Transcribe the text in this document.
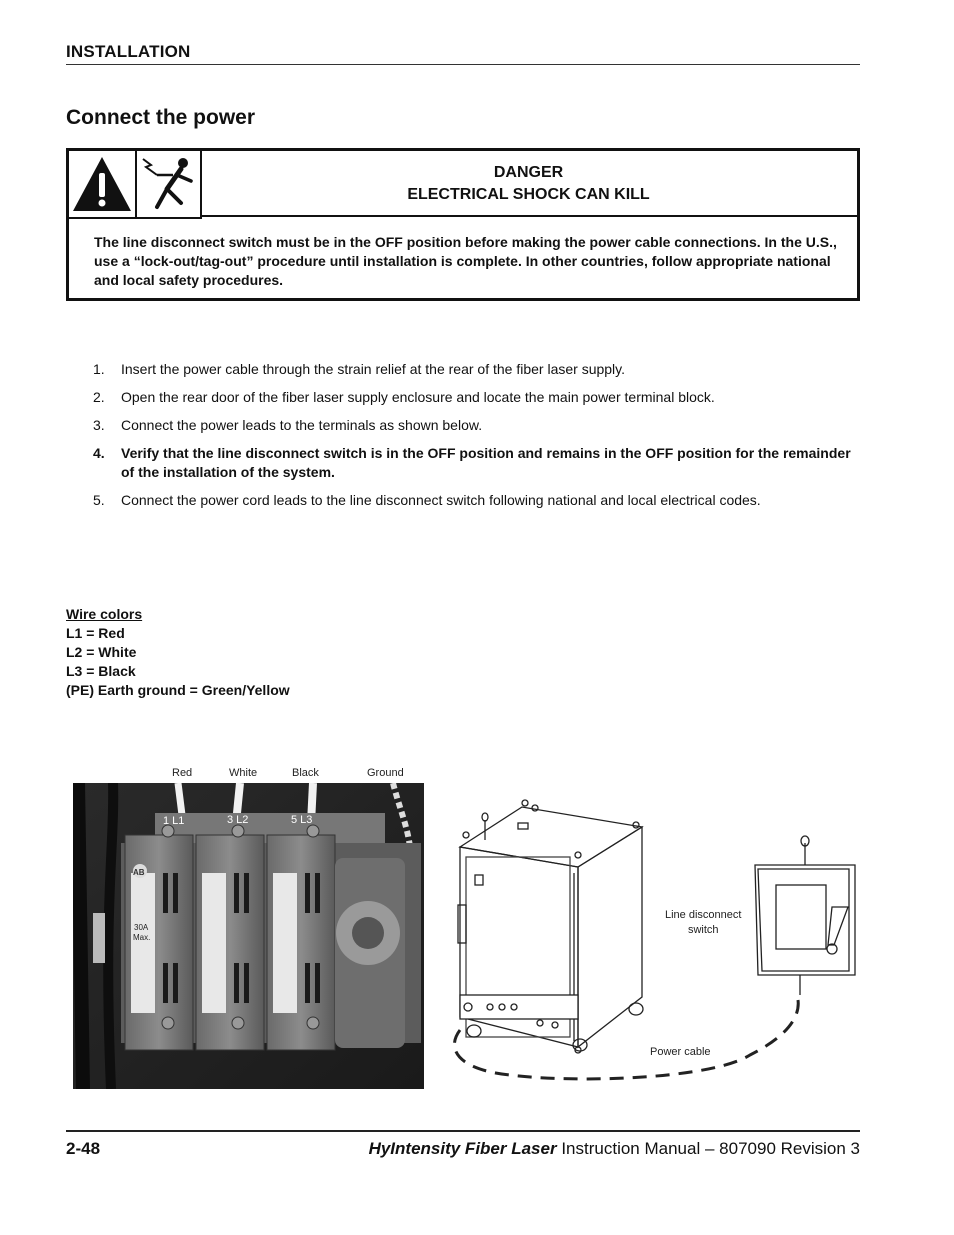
INSTALLATION
Connect the power
DANGER
ELECTRICAL SHOCK CAN KILL
The line disconnect switch must be in the OFF position before making the power cable connections. In the U.S., use a “lock-out/tag-out” procedure until installation is complete. In other countries, follow appropriate national and local safety procedures.
1. Insert the power cable through the strain relief at the rear of the fiber laser supply.
2. Open the rear door of the fiber laser supply enclosure and locate the main power terminal block.
3. Connect the power leads to the terminals as shown below.
4. Verify that the line disconnect switch is in the OFF position and remains in the OFF position for the remainder of the installation of the system.
5. Connect the power cord leads to the line disconnect switch following national and local electrical codes.
Wire colors
L1 = Red
L2 = White
L3 = Black
(PE) Earth ground = Green/Yellow
Red	White	Black	Ground
1 L1	3 L2	5 L3
AB
30A
Max.
Line disconnect
switch
Power cable
2-48	HyIntensity Fiber Laser Instruction Manual – 807090 Revision 3
